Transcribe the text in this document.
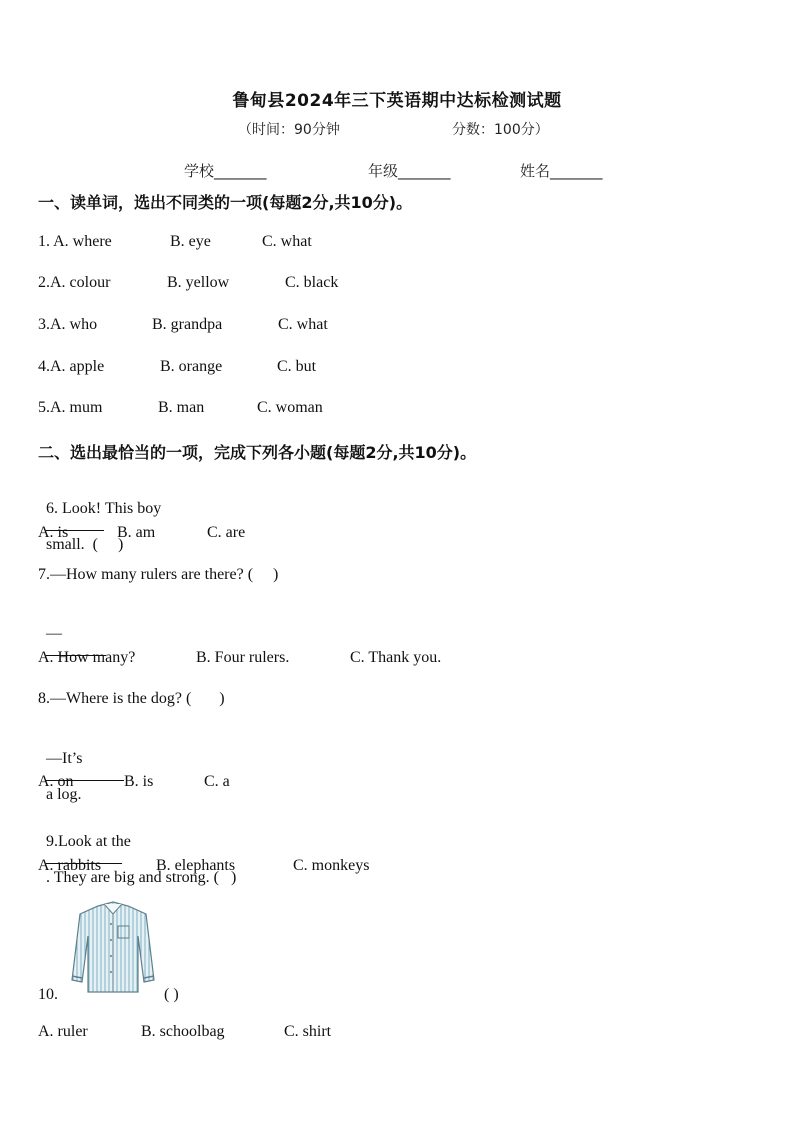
鲁甸县2024年三下英语期中达标检测试题
（时间：90分钟	分数：100分）
学校_______	年级_______	姓名_______
一、读单词，选出不同类的一项(每题2分,共10分)。
1. A. where	B. eye	C. what
2.A. colour	B. yellow	C. black
3.A. who	B. grandpa	C. what
4.A. apple	B. orange	C. but
5.A. mum	B. man	C. woman
二、选出最恰当的一项，完成下列各小题(每题2分,共10分)。

6. Look! This boy

small.  (     )

A. is	B. am	C. are
7.—How many rulers are there? (     )

—

A. How many?	B. Four rulers.	C. Thank you.
8.—Where is the dog? (       )

—It’s

a log.

A. on	B. is	C. a

9.Look at the

. They are big and strong. (   )

A. rabbits	B. elephants	C. monkeys
10.	( )
A. ruler	B. schoolbag	C. shirt
